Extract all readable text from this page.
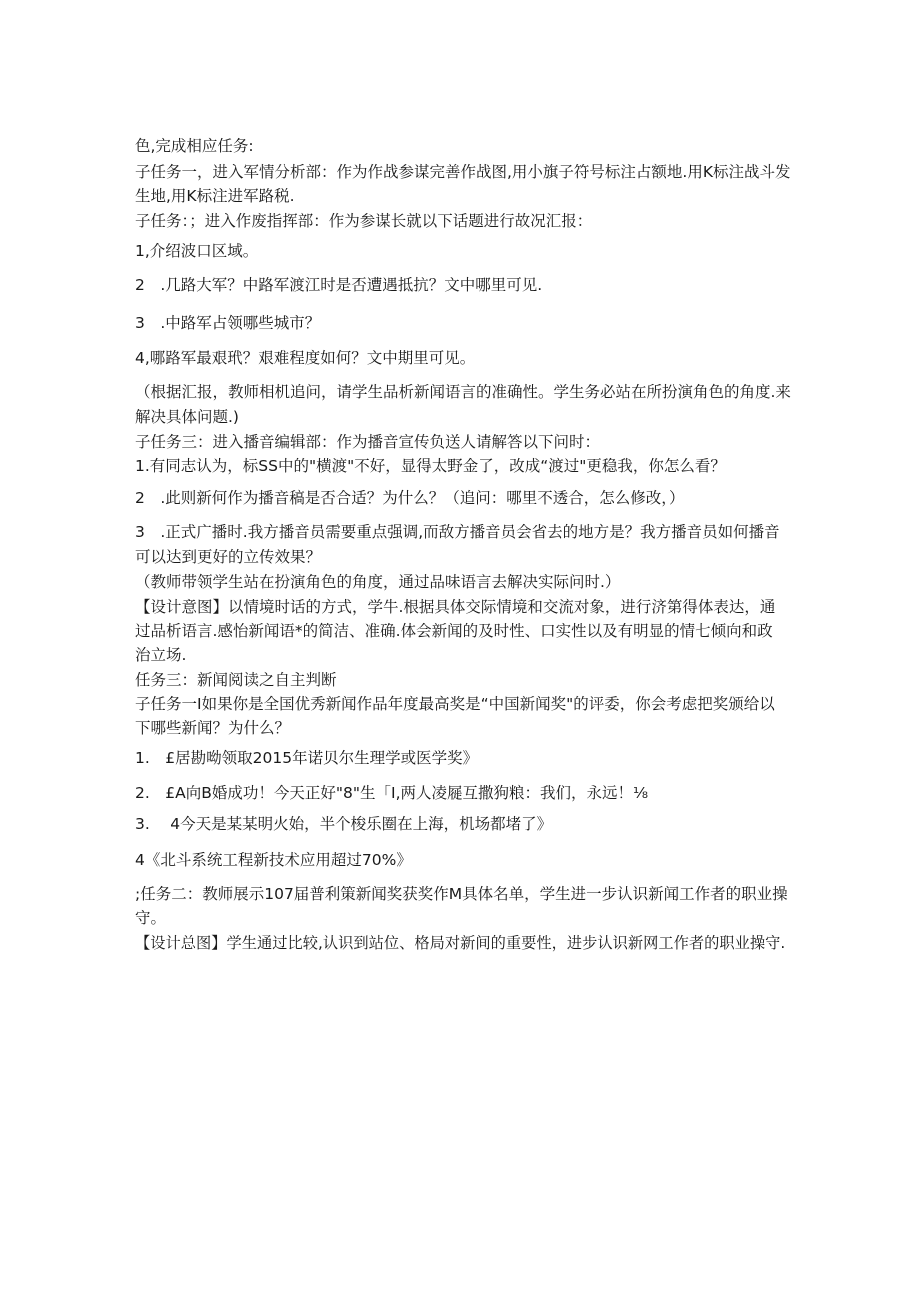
色,完成相应任务:
子任务一，进入军情分析部：作为作战参谋完善作战图,用小旗子符号标注占额地.用K标注战斗发
生地,用K标注进军路税.
子任务：；进入作废指挥部：作为参谋长就以下话题进行故况汇报：
1,介绍波口区域。
2　.几路大军？中路军渡江时是否遭遇抵抗？文中哪里可见.
3　.中路军占领哪些城市？
4,哪路军最艰玳？艰难程度如何？文中期里可见。
（根据汇报，教师相机追问，请学生品析新闻语言的准确性。学生务必站在所扮演角色的角度.来
解决具体问题.)
子任务三：进入播音编辑部：作为播音宣传负送人请解答以下问时：
1.有同志认为，标SS中的"横渡"不好，显得太野金了，改成“渡过"更稳我，你怎么看？
2　.此则新何作为播音稿是否合适？为什么？（追问：哪里不透合，怎么修改，）
3　.正式广播时.我方播音员需要重点强调,而敌方播音员会省去的地方是？我方播音员如何播音
可以达到更好的立传效果？
（教师带领学生站在扮演角色的角度，通过品味语言去解决实际问时.）
【设计意图】以情境时话的方式，学牛.根据具体交际情境和交流对象，进行济第得体表达，通
过品析语言.感怡新闻语*的简洁、准确.体会新闻的及时性、口实性以及有明显的情七倾向和政
治立场.
任务三：新闻阅读之自主判断
子任务一I如果你是全国优秀新闻作品年度最高奖是“中国新闻奖"的评委，你会考虑把奖颁给以
下哪些新闻？为什么？
1.　£居勘呦领取2015年诺贝尔生理学或医学奖》
2.　£A向B婚成功！今天正好"8"生「I,两人凌屣互撒狗粮：我们，永远！⅛
3.　 4今天是某某明火始，半个梭乐圈在上海，机场都堵了》
4《北斗系统工程新技术应用超过70%》
;任务二：教师展示107届普利策新闻奖获奖作M具体名单，学生进一步认识新闻工作者的职业操
守。
【设计总图】学生通过比较,认识到站位、格局对新间的重要性，进步认识新网工作者的职业操守.
